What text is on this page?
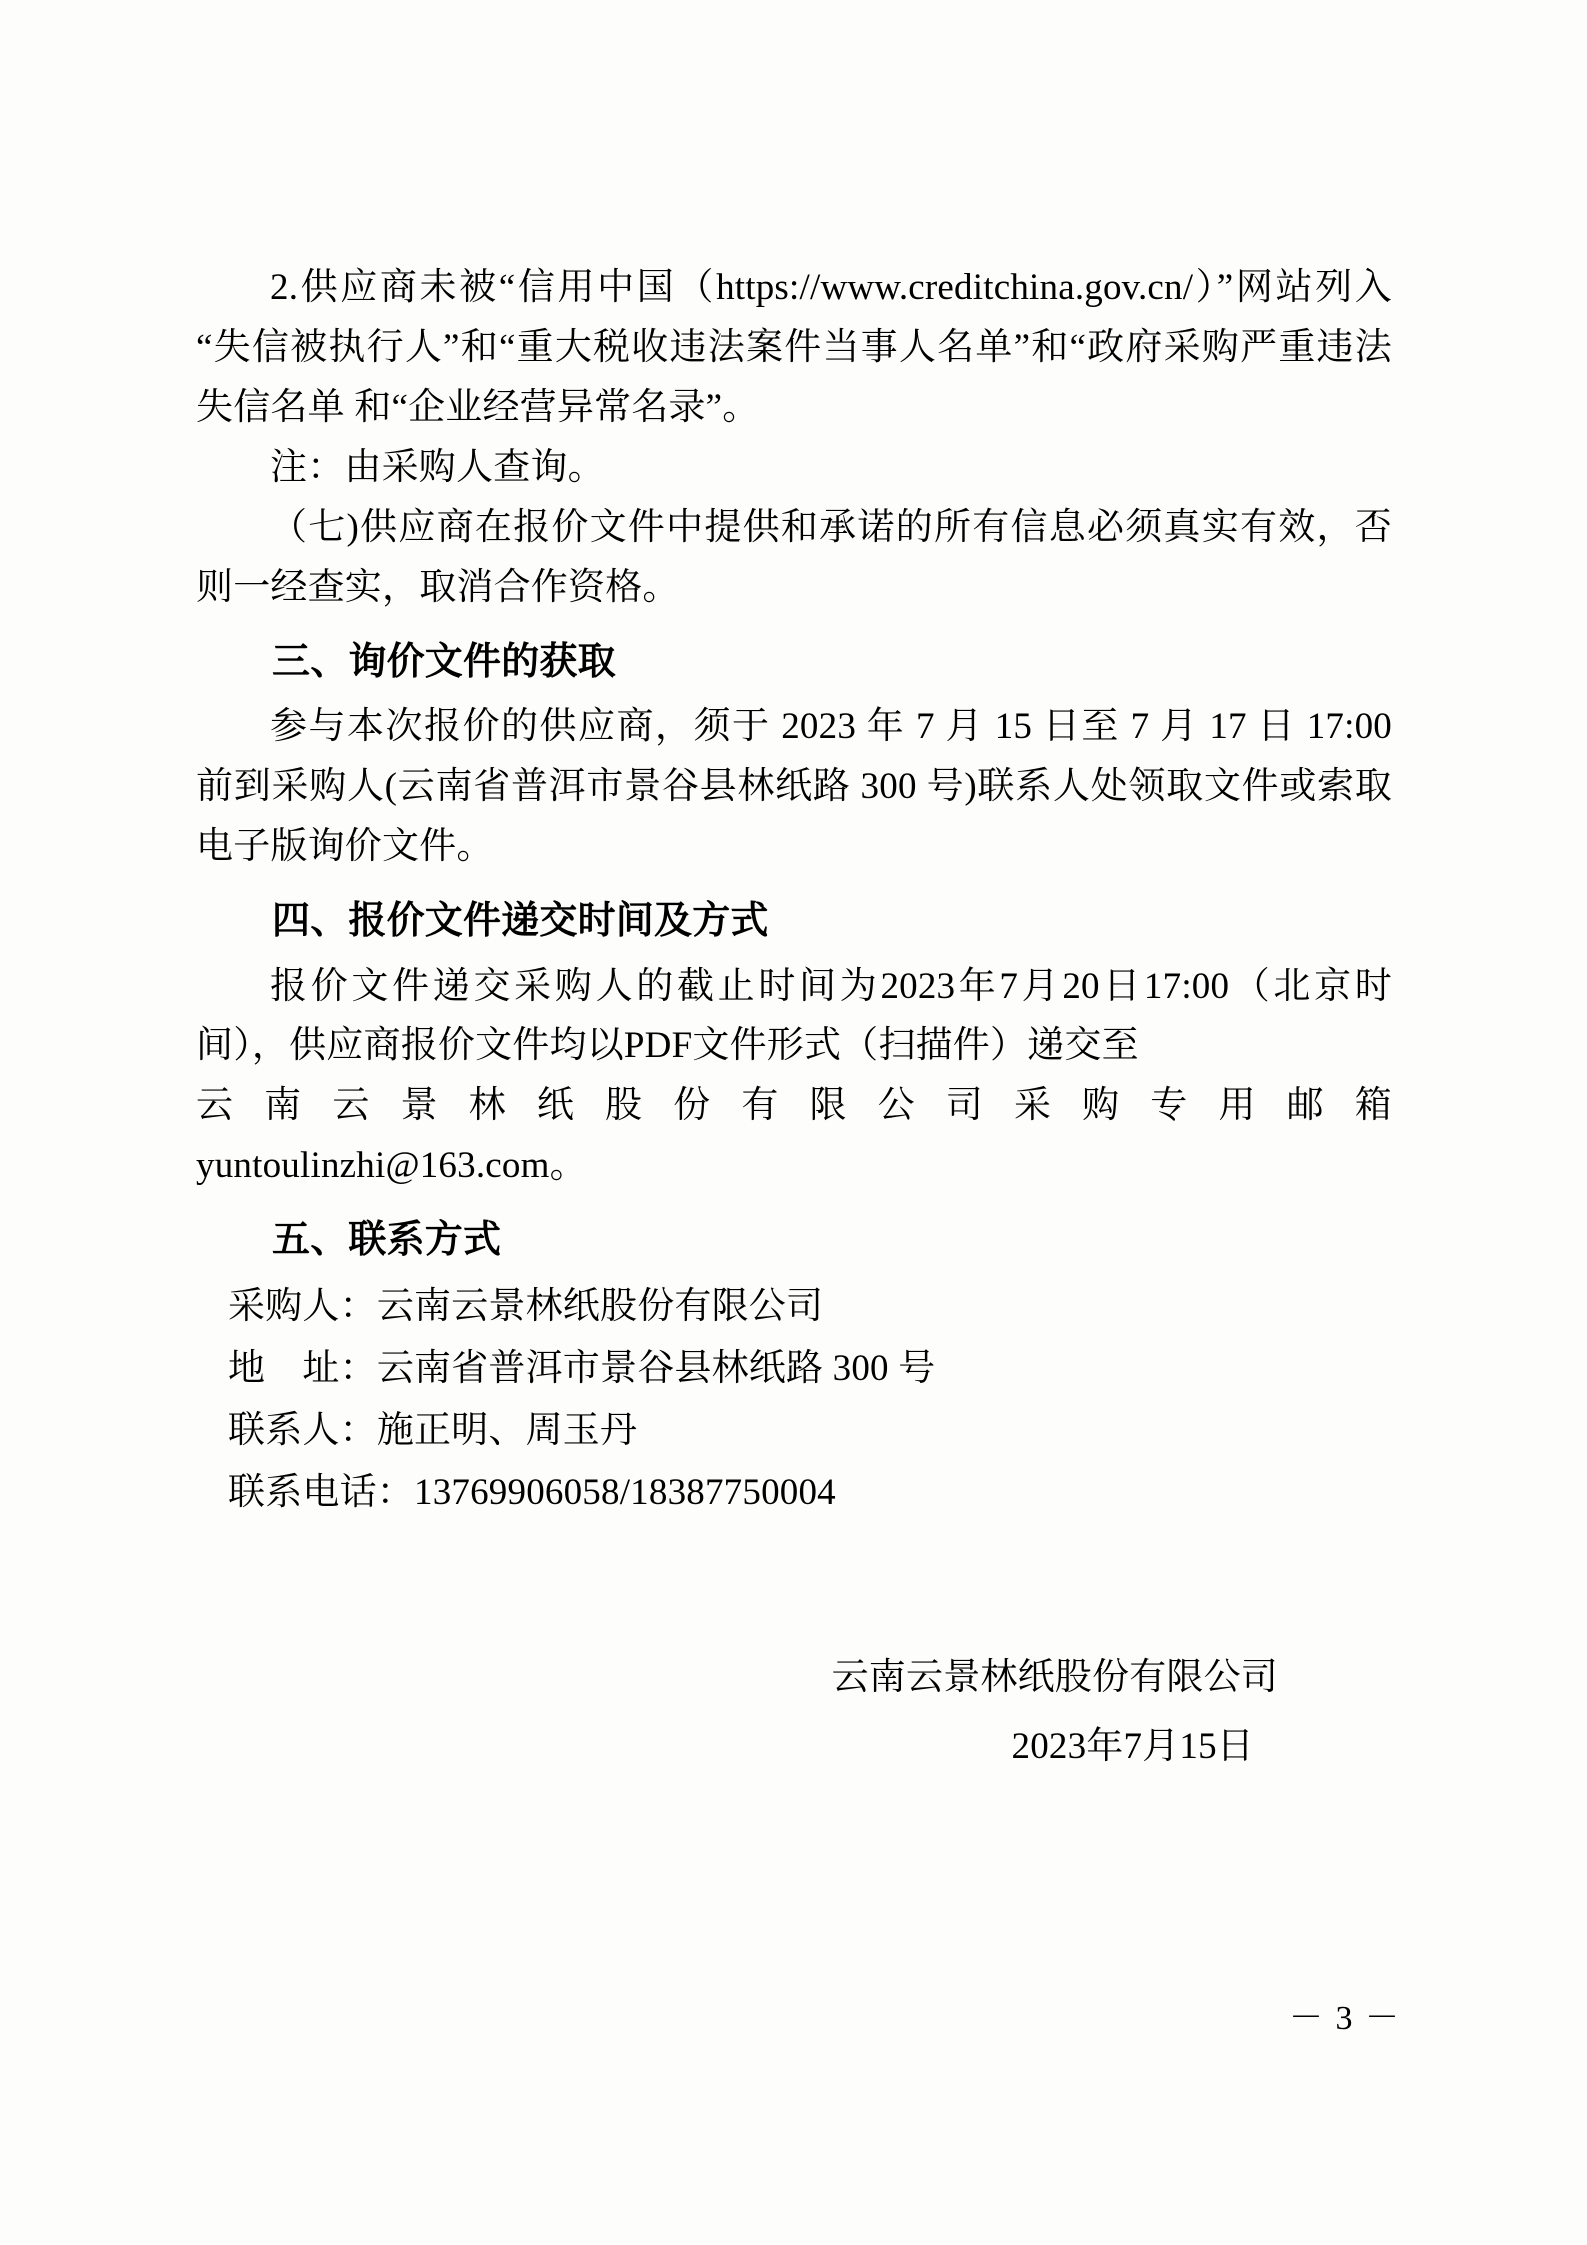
2.供应商未被“信用中国（https://www.creditchina.gov.cn/）”网站列入“失信被执行人”和“重大税收违法案件当事人名单”和“政府采购严重违法失信名单 和“企业经营异常名录”。

注：由采购人查询。

（七)供应商在报价文件中提供和承诺的所有信息必须真实有效，否则一经查实，取消合作资格。

三、询价文件的获取

参与本次报价的供应商，须于 2023 年 7 月 15 日至 7 月 17 日 17:00 前到采购人(云南省普洱市景谷县林纸路 300 号)联系人处领取文件或索取电子版询价文件。

四、报价文件递交时间及方式

报价文件递交采购人的截止时间为2023年7月20日17:00（北京时间），供应商报价文件均以PDF文件形式（扫描件）递交至

云南云景林纸股份有限公司采购专用邮箱

yuntoulinzhi@163.com。

五、联系方式

采购人：云南云景林纸股份有限公司

地　址：云南省普洱市景谷县林纸路 300 号

联系人：施正明、周玉丹

联系电话：13769906058/18387750004

云南云景林纸股份有限公司

2023年7月15日

－ 3 －
